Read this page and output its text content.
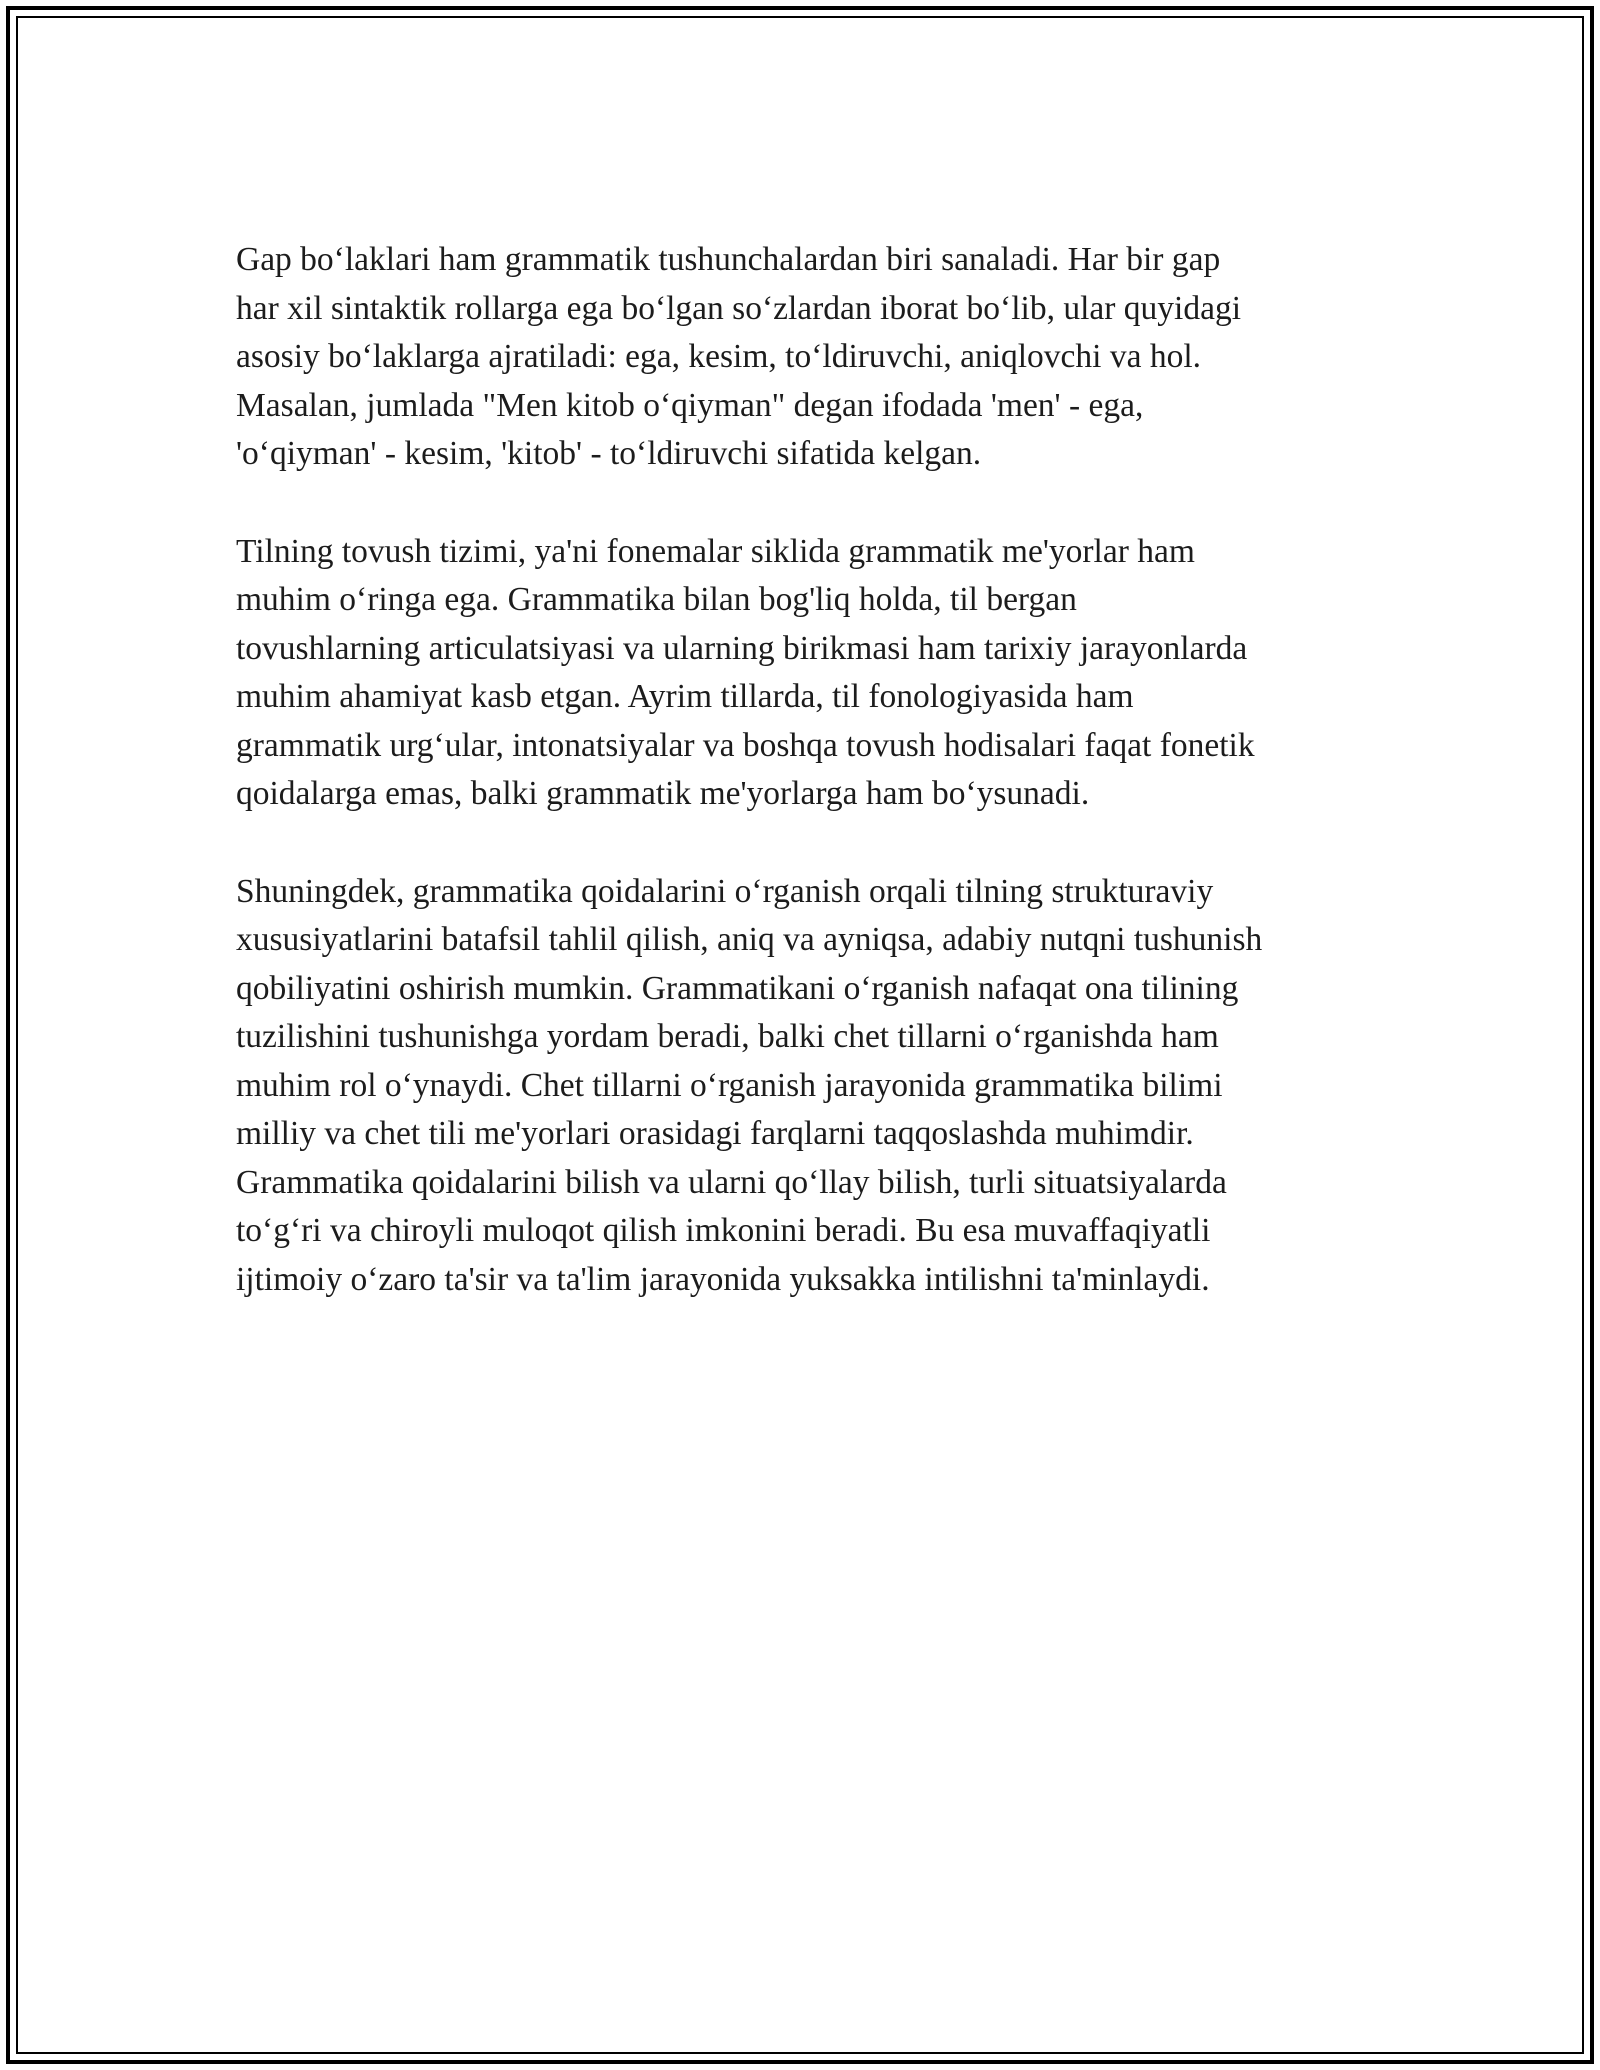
Gap bo‘laklari ham grammatik tushunchalardan biri sanaladi. Har bir gap
har xil sintaktik rollarga ega bo‘lgan so‘zlardan iborat bo‘lib, ular quyidagi
asosiy bo‘laklarga ajratiladi: ega, kesim, to‘ldiruvchi, aniqlovchi va hol.
Masalan, jumlada "Men kitob o‘qiyman" degan ifodada 'men' - ega,
'o‘qiyman' - kesim, 'kitob' - to‘ldiruvchi sifatida kelgan.

Tilning tovush tizimi, ya'ni fonemalar siklida grammatik me'yorlar ham
muhim o‘ringa ega. Grammatika bilan bog'liq holda, til bergan
tovushlarning articulatsiyasi va ularning birikmasi ham tarixiy jarayonlarda
muhim ahamiyat kasb etgan. Ayrim tillarda, til fonologiyasida ham
grammatik urg‘ular, intonatsiyalar va boshqa tovush hodisalari faqat fonetik
qoidalarga emas, balki grammatik me'yorlarga ham bo‘ysunadi.

Shuningdek, grammatika qoidalarini o‘rganish orqali tilning strukturaviy
xususiyatlarini batafsil tahlil qilish, aniq va ayniqsa, adabiy nutqni tushunish
qobiliyatini oshirish mumkin. Grammatikani o‘rganish nafaqat ona tilining
tuzilishini tushunishga yordam beradi, balki chet tillarni o‘rganishda ham
muhim rol o‘ynaydi. Chet tillarni o‘rganish jarayonida grammatika bilimi
milliy va chet tili me'yorlari orasidagi farqlarni taqqoslashda muhimdir.
Grammatika qoidalarini bilish va ularni qo‘llay bilish, turli situatsiyalarda
to‘g‘ri va chiroyli muloqot qilish imkonini beradi. Bu esa muvaffaqiyatli
ijtimoiy o‘zaro ta'sir va ta'lim jarayonida yuksakka intilishni ta'minlaydi.
